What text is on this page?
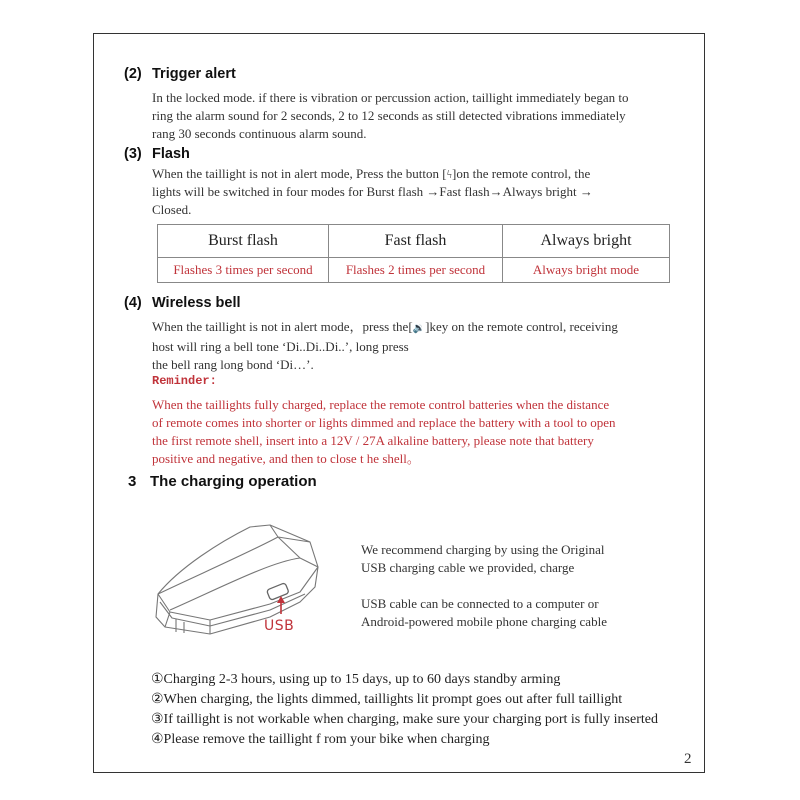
(2) Trigger alert
In the locked mode. if there is vibration or percussion action, taillight immediately began to
ring the alarm sound for 2 seconds, 2 to 12 seconds as still detected vibrations immediately
rang 30 seconds continuous alarm sound.
(3) Flash
When the taillight is not in alert mode, Press the button [ϟ]on the remote control, the
lights will be switched in four modes for Burst flash →Fast flash→Always bright →
Closed.
Burst flash	Fast flash	Always bright
Flashes 3 times per second	Flashes 2 times per second	Always bright mode
(4) Wireless bell
When the taillight is not in alert mode，press the[🔉]key on the remote control, receiving
host will ring a bell tone ‘Di..Di..Di..’, long press
the bell rang long bond ‘Di…’.
Reminder:
When the taillights fully charged, replace the remote control batteries when the distance
of remote comes into shorter or lights dimmed and replace the battery with a tool to open
the first remote shell, insert into a 12V / 27A alkaline battery, please note that battery
positive and negative, and then to close t he shell。
3 The charging operation
USB
We recommend charging by using the Original
USB charging cable we provided, charge
USB cable can be connected to a computer or
Android-powered mobile phone charging cable
①Charging 2-3 hours, using up to 15 days, up to 60 days standby arming
②When charging, the lights dimmed, taillights lit prompt goes out after full taillight
③If taillight is not workable when charging, make sure your charging port is fully inserted
④Please remove the taillight f rom your bike when charging
2
